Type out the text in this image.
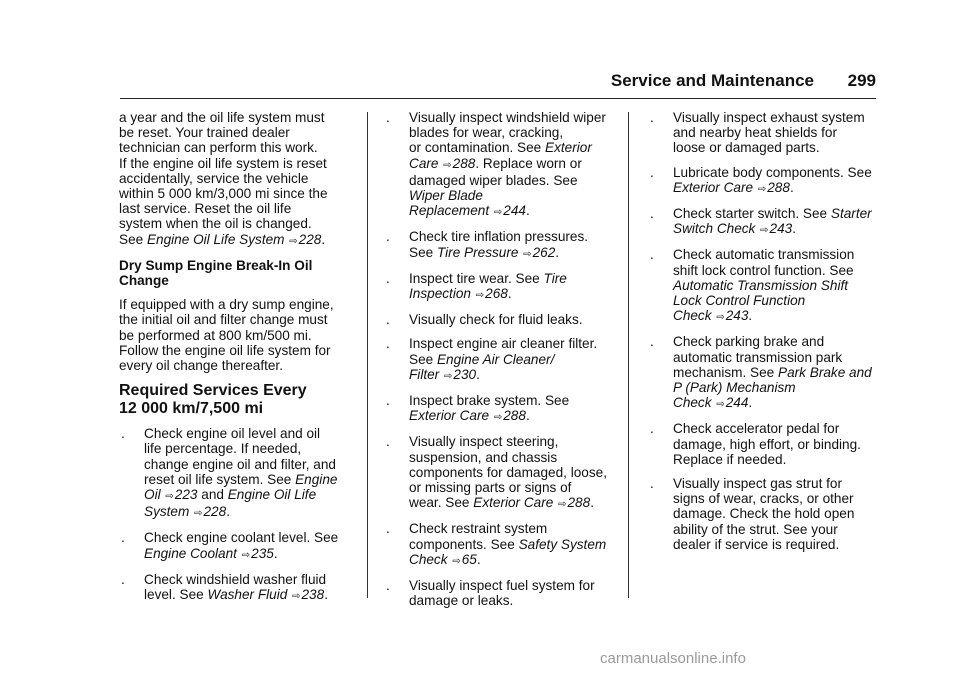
Service and Maintenance	299

a year and the oil life system must
be reset. Your trained dealer
technician can perform this work.
If the engine oil life system is reset
accidentally, service the vehicle
within 5 000 km/3,000 mi since the
last service. Reset the oil life
system when the oil is changed.
See Engine Oil Life System ⇨228.

Dry Sump Engine Break-In Oil
Change

If equipped with a dry sump engine,
the initial oil and filter change must
be performed at 800 km/500 mi.
Follow the engine oil life system for
every oil change thereafter.

Required Services Every
12 000 km/7,500 mi
. Check engine oil level and oil
life percentage. If needed,
change engine oil and filter, and
reset oil life system. See Engine
Oil ⇨223 and Engine Oil Life
System ⇨228.
. Check engine coolant level. See
Engine Coolant ⇨235.
. Check windshield washer fluid
level. See Washer Fluid ⇨238.
. Visually inspect windshield wiper
blades for wear, cracking,
or contamination. See Exterior
Care ⇨288. Replace worn or
damaged wiper blades. See
Wiper Blade
Replacement ⇨244.
. Check tire inflation pressures.
See Tire Pressure ⇨262.
. Inspect tire wear. See Tire
Inspection ⇨268.
. Visually check for fluid leaks.
. Inspect engine air cleaner filter.
See Engine Air Cleaner/
Filter ⇨230.
. Inspect brake system. See
Exterior Care ⇨288.
. Visually inspect steering,
suspension, and chassis
components for damaged, loose,
or missing parts or signs of
wear. See Exterior Care ⇨288.
. Check restraint system
components. See Safety System
Check ⇨65.
. Visually inspect fuel system for
damage or leaks.
. Visually inspect exhaust system
and nearby heat shields for
loose or damaged parts.
. Lubricate body components. See
Exterior Care ⇨288.
. Check starter switch. See Starter
Switch Check ⇨243.
. Check automatic transmission
shift lock control function. See
Automatic Transmission Shift
Lock Control Function
Check ⇨243.
. Check parking brake and
automatic transmission park
mechanism. See Park Brake and
P (Park) Mechanism
Check ⇨244.
. Check accelerator pedal for
damage, high effort, or binding.
Replace if needed.
. Visually inspect gas strut for
signs of wear, cracks, or other
damage. Check the hold open
ability of the strut. See your
dealer if service is required.
carmanualsonline.info
